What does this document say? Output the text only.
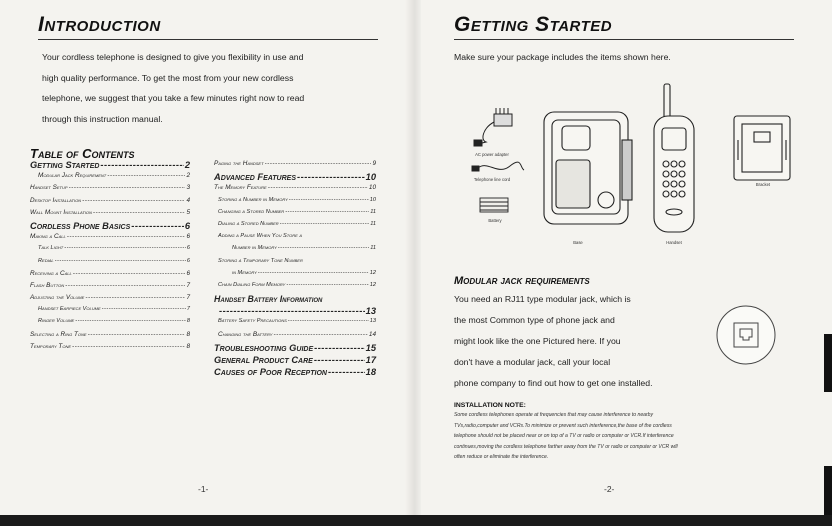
Introduction
Your cordless telephone is designed to give you flexibility in use and
high quality performance. To get the most from your new cordless
telephone, we suggest that you take a few minutes right now to read
through this instruction manual.
Table of Contents
Getting Started -----	2
Modular Jack Requirement -----	2
Handset Setup -----	3
Desktop Installation -----	4
Wall Mount Installation -----	5
Cordless Phone Basics -----	6
Making a Call -----	6
Talk Light -----	6
Redial -----	6
Receiving a Call -----	6
Flash Button -----	7
Adjusting the Volume -----	7
Handset Earpiece Volume -----	7
Ringer Volume -----	8
Selecting a Ring Tone -----	8
Temporary Tone -----	8
Paging the Handset -----	9
Advanced Features -----	10
The Memory Feature -----	10
Storing a Number in Memory -----	10
Changing a Stored Number -----	11
Dialing a Stored Number -----	11
Adding a Pause When You Store a
Number in Memory -----	11
Storing a Temporary Tone Number
in Memory -----	12
Chain Dialing Form Memory -----	12
Handset Battery Information
-----
13
Battery Safety Precautions -----	13
Changing the Battery -----	14
Troubleshooting Guide -----	15
General Product Care -----	17
Causes of Poor Reception -----	18
-1-
Getting Started
Make sure your package includes the items shown here.
AC power adapter
Telephone line cord
Battery
Base	Handset
Bracket
Modular jack requirements
You need an RJ11 type modular jack, which is
the most Common type of phone jack and
might look like the one Pictured here. If you
don't have a modular jack, call your local
phone company to find out how to get one installed.
INSTALLATION NOTE:
Some cordless telephones operate at frequencies that may cause interference to nearby
TVs,radio,computer and VCRs.To minimize or prevent such interference,the base of the cordless
telephone should not be placed near or on top of a TV or radio or computer or VCR.If interference
continues,moving the cordless telephone farther away from the TV or radio or computer or VCR will
often reduce or eliminate the interference.
-2-
